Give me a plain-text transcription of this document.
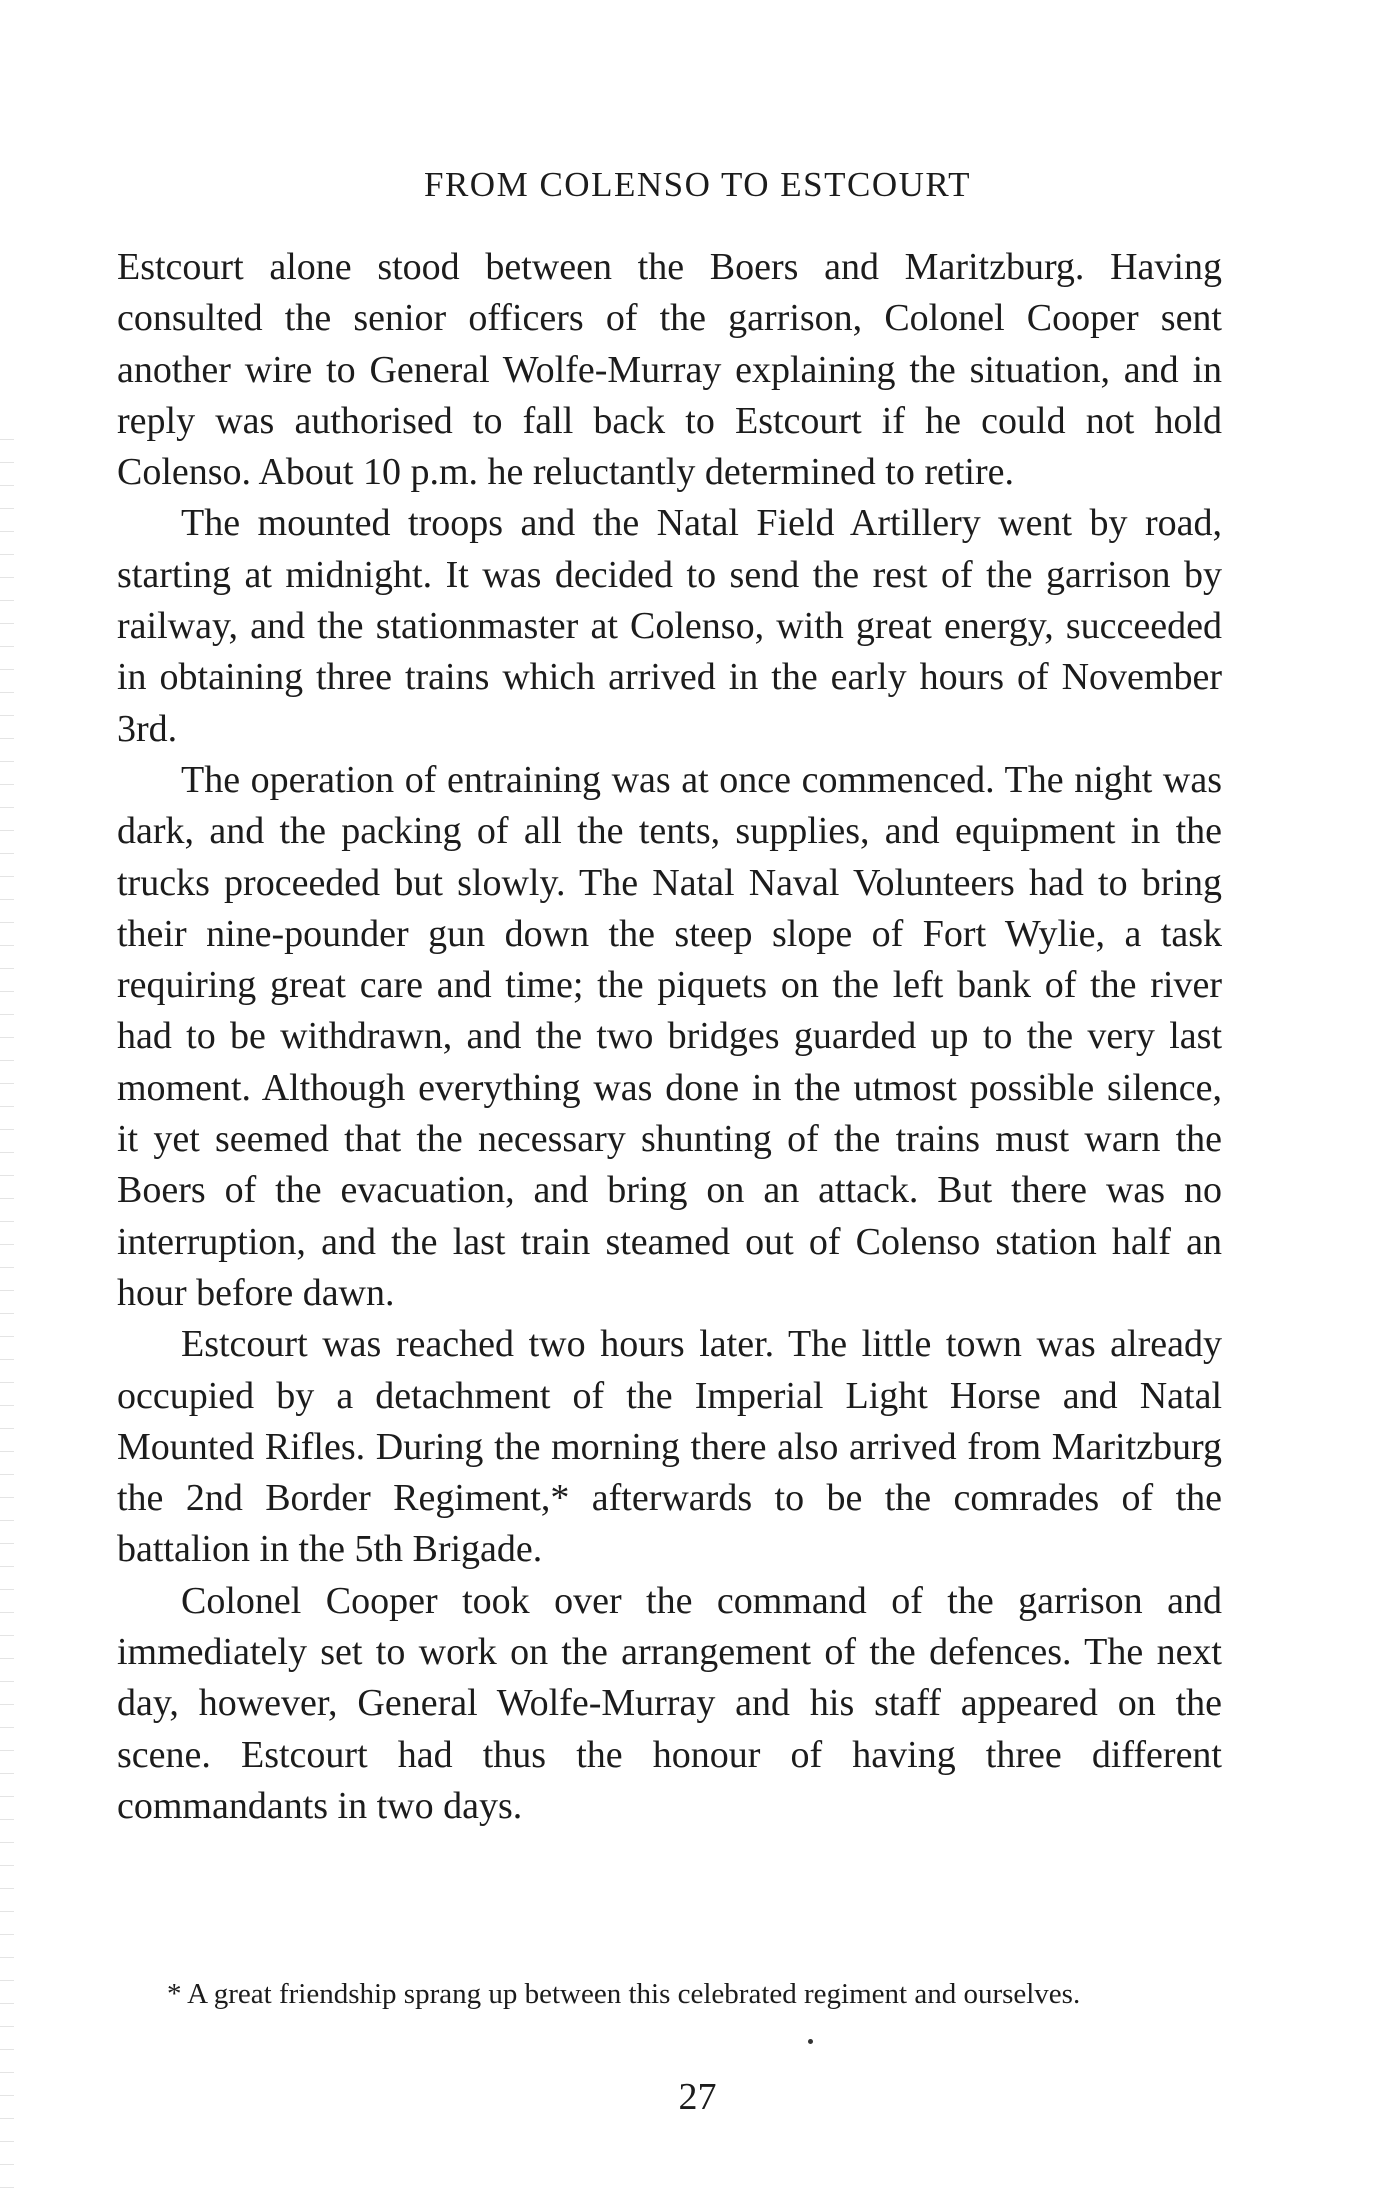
FROM COLENSO TO ESTCOURT

Estcourt alone stood between the Boers and Maritzburg. Having consulted the senior officers of the garrison, Colonel Cooper sent another wire to General Wolfe-Murray explaining the situation, and in reply was authorised to fall back to Estcourt if he could not hold Colenso. About 10 p.m. he reluctantly determined to retire.

The mounted troops and the Natal Field Artillery went by road, starting at midnight. It was decided to send the rest of the garrison by railway, and the stationmaster at Colenso, with great energy, succeeded in obtaining three trains which arrived in the early hours of November 3rd.

The operation of entraining was at once commenced. The night was dark, and the packing of all the tents, supplies, and equipment in the trucks proceeded but slowly. The Natal Naval Volunteers had to bring their nine-pounder gun down the steep slope of Fort Wylie, a task requiring great care and time; the piquets on the left bank of the river had to be withdrawn, and the two bridges guarded up to the very last moment. Although everything was done in the utmost possible silence, it yet seemed that the necessary shunting of the trains must warn the Boers of the evacuation, and bring on an attack. But there was no interruption, and the last train steamed out of Colenso station half an hour before dawn.

Estcourt was reached two hours later. The little town was already occupied by a detachment of the Imperial Light Horse and Natal Mounted Rifles. During the morning there also arrived from Maritzburg the 2nd Border Regiment,* afterwards to be the comrades of the battalion in the 5th Brigade.

Colonel Cooper took over the command of the garrison and immediately set to work on the arrangement of the defences. The next day, however, General Wolfe-Murray and his staff appeared on the scene. Estcourt had thus the honour of having three different commandants in two days.

* A great friendship sprang up between this celebrated regiment and ourselves.
27
